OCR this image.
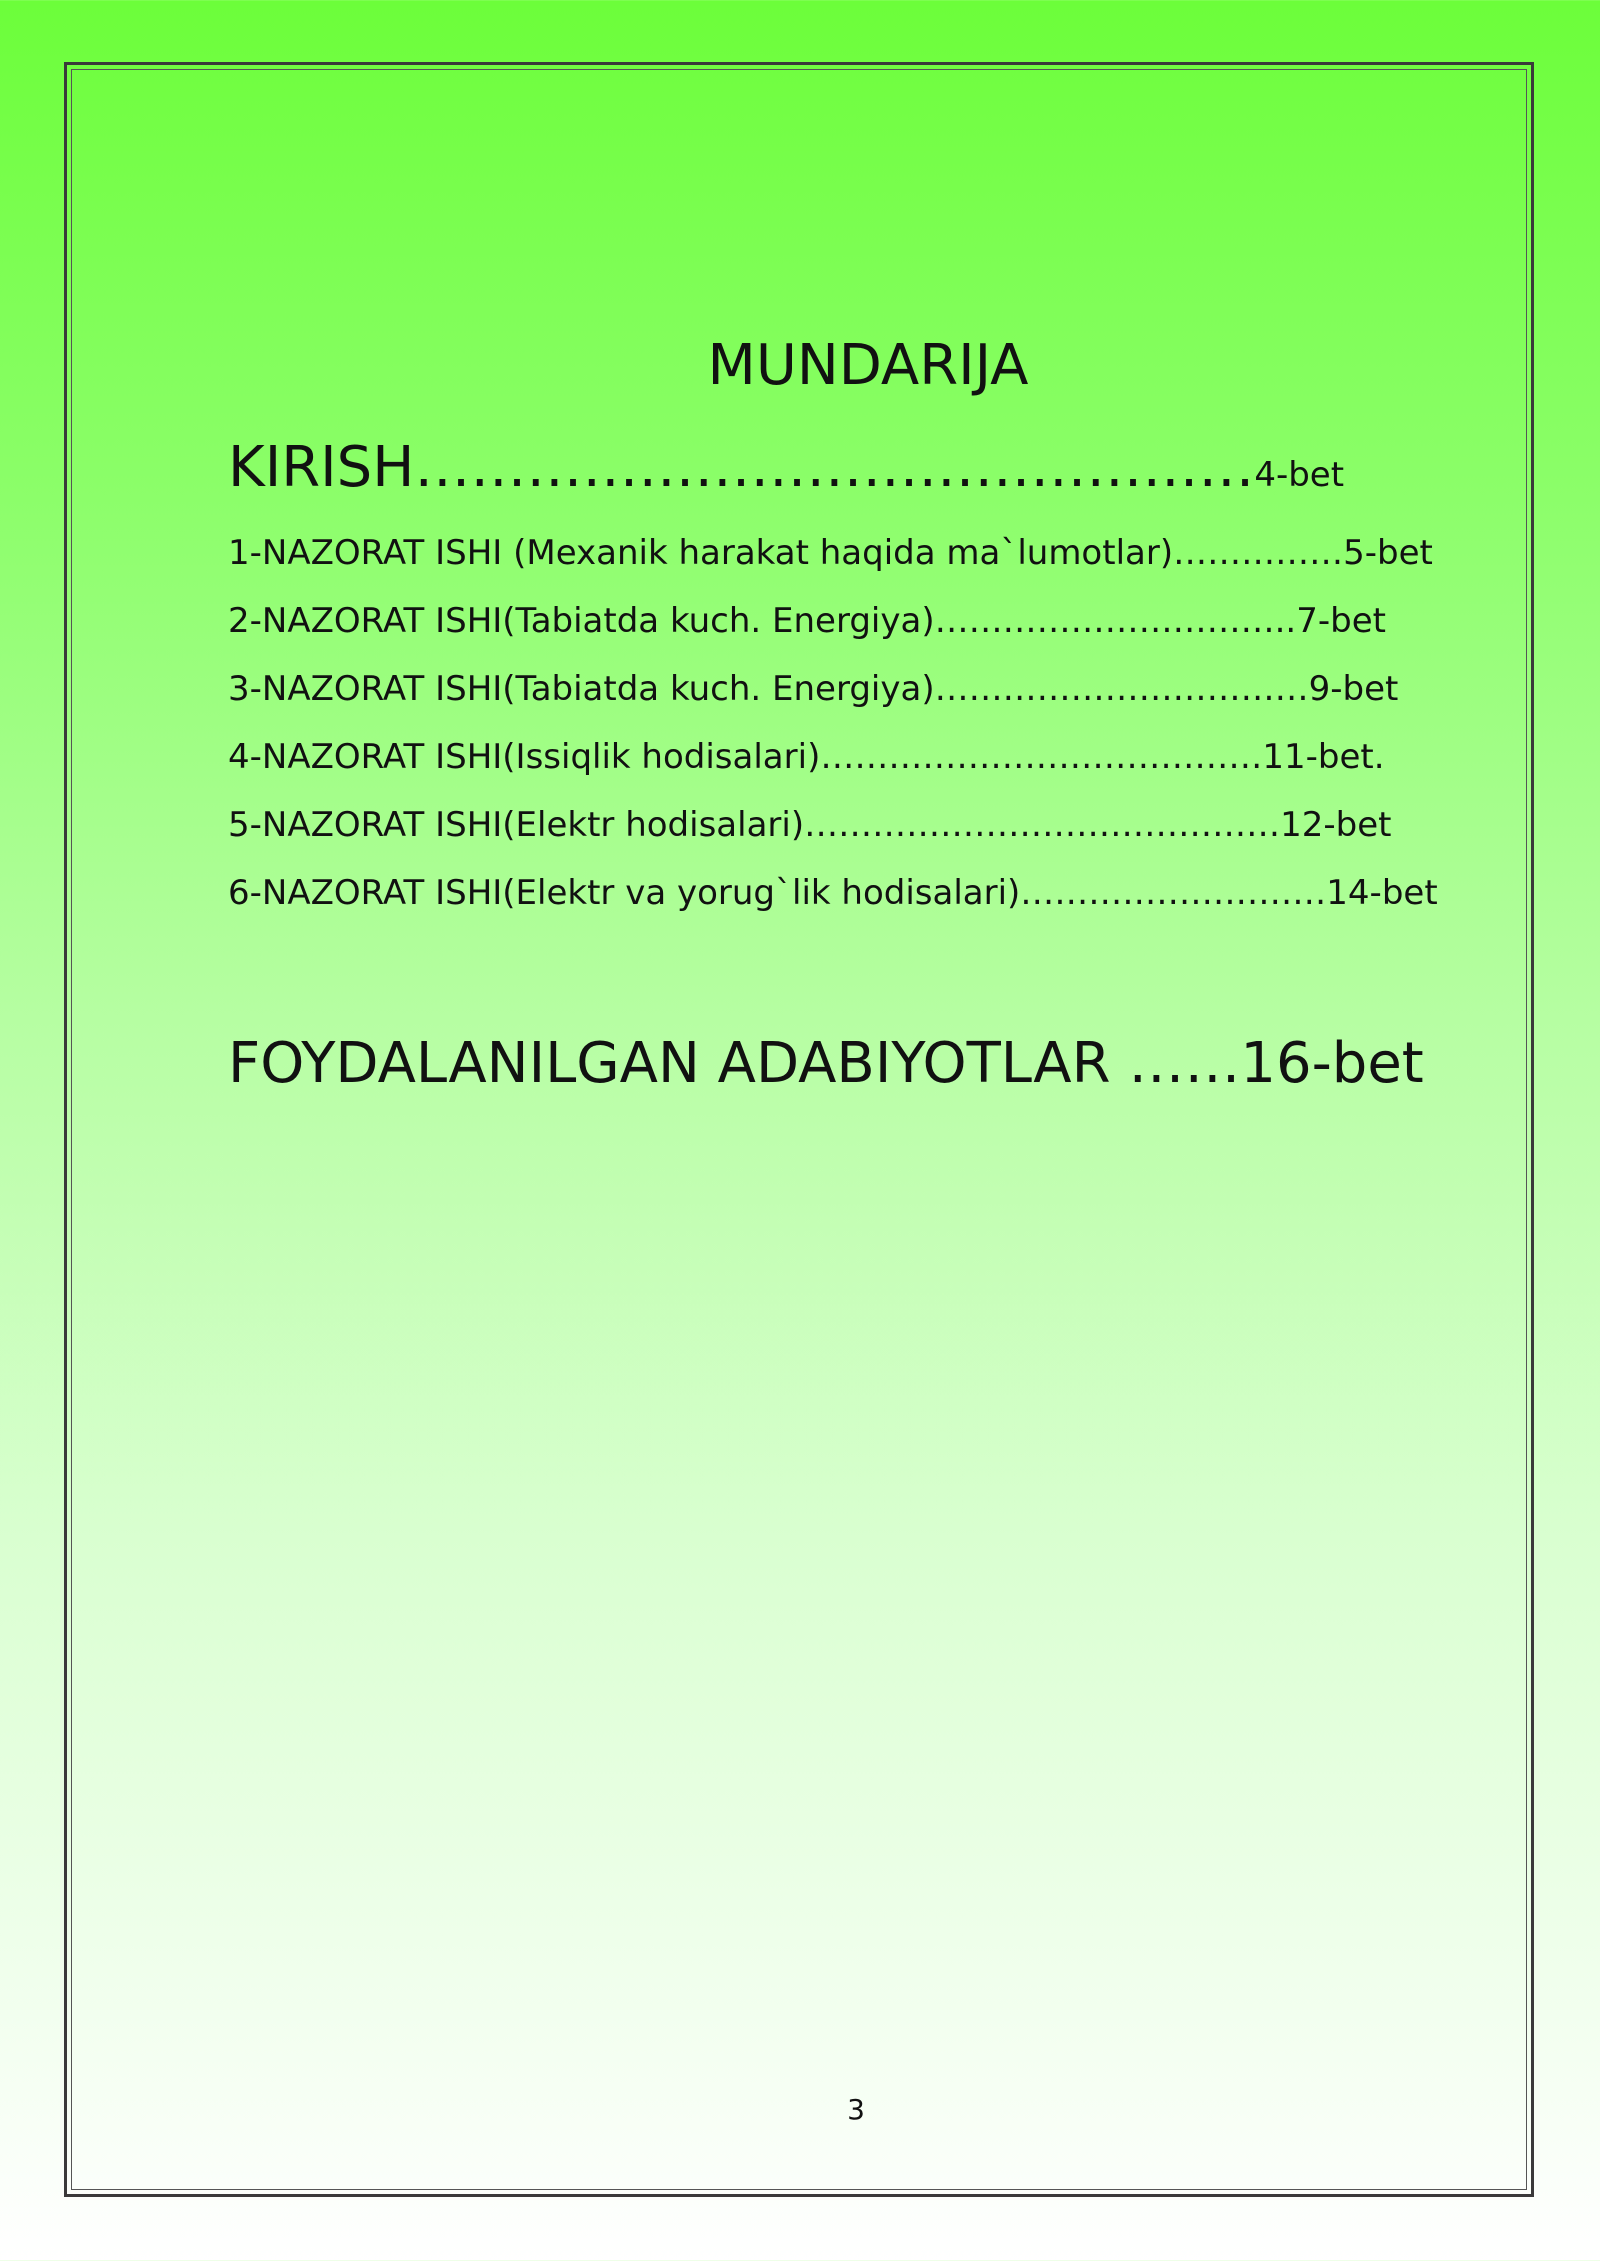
MUNDARIJA

KIRISH………………………………………4-bet

1-NAZORAT ISHI (Mexanik harakat haqida ma`lumotlar)……………5-bet

2-NAZORAT ISHI(Tabiatda kuch. Energiya)…………………………..7-bet

3-NAZORAT ISHI(Tabiatda kuch. Energiya)……………………………9-bet

4-NAZORAT ISHI(Issiqlik hodisalari)…………………………………11-bet.

5-NAZORAT ISHI(Elektr hodisalari)……………………………………12-bet

6-NAZORAT ISHI(Elektr va yorug`lik hodisalari)………………………14-bet

FOYDALANILGAN ADABIYOTLAR ……16-bet

3
